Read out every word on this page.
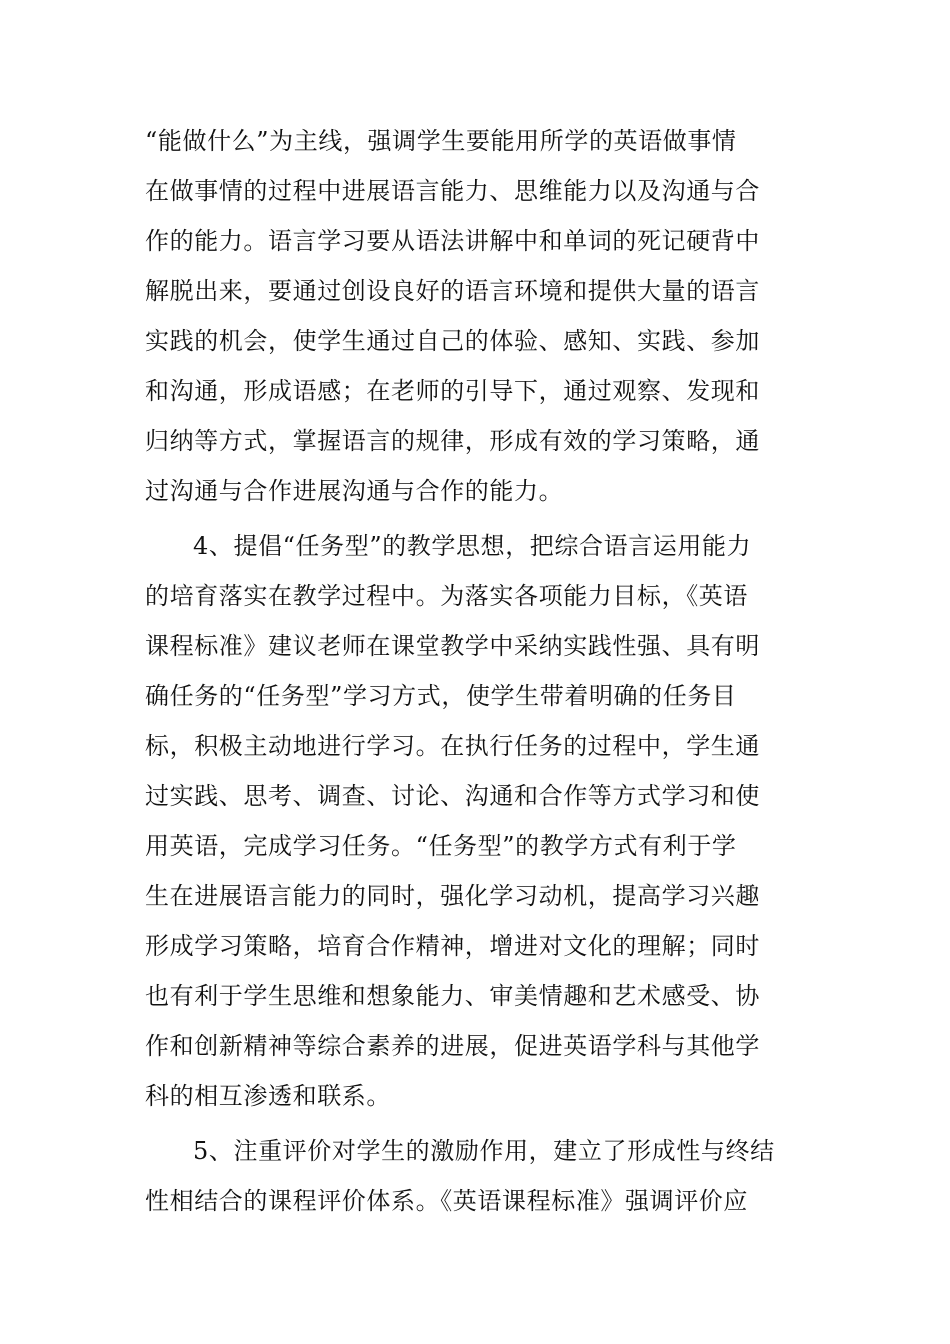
“能做什么”为主线，强调学生要能用所学的英语做事情
在做事情的过程中进展语言能力、思维能力以及沟通与合
作的能力。语言学习要从语法讲解中和单词的死记硬背中
解脱出来，要通过创设良好的语言环境和提供大量的语言
实践的机会，使学生通过自己的体验、感知、实践、参加
和沟通，形成语感；在老师的引导下，通过观察、发现和
归纳等方式，掌握语言的规律，形成有效的学习策略，通
过沟通与合作进展沟通与合作的能力。
4、提倡“任务型”的教学思想，把综合语言运用能力
的培育落实在教学过程中。为落实各项能力目标，《英语
课程标准》建议老师在课堂教学中采纳实践性强、具有明
确任务的“任务型”学习方式，使学生带着明确的任务目
标，积极主动地进行学习。在执行任务的过程中，学生通
过实践、思考、调查、讨论、沟通和合作等方式学习和使
用英语，完成学习任务。“任务型”的教学方式有利于学
生在进展语言能力的同时，强化学习动机，提高学习兴趣
形成学习策略，培育合作精神，增进对文化的理解；同时
也有利于学生思维和想象能力、审美情趣和艺术感受、协
作和创新精神等综合素养的进展，促进英语学科与其他学
科的相互渗透和联系。
5、注重评价对学生的激励作用，建立了形成性与终结
性相结合的课程评价体系。《英语课程标准》强调评价应
